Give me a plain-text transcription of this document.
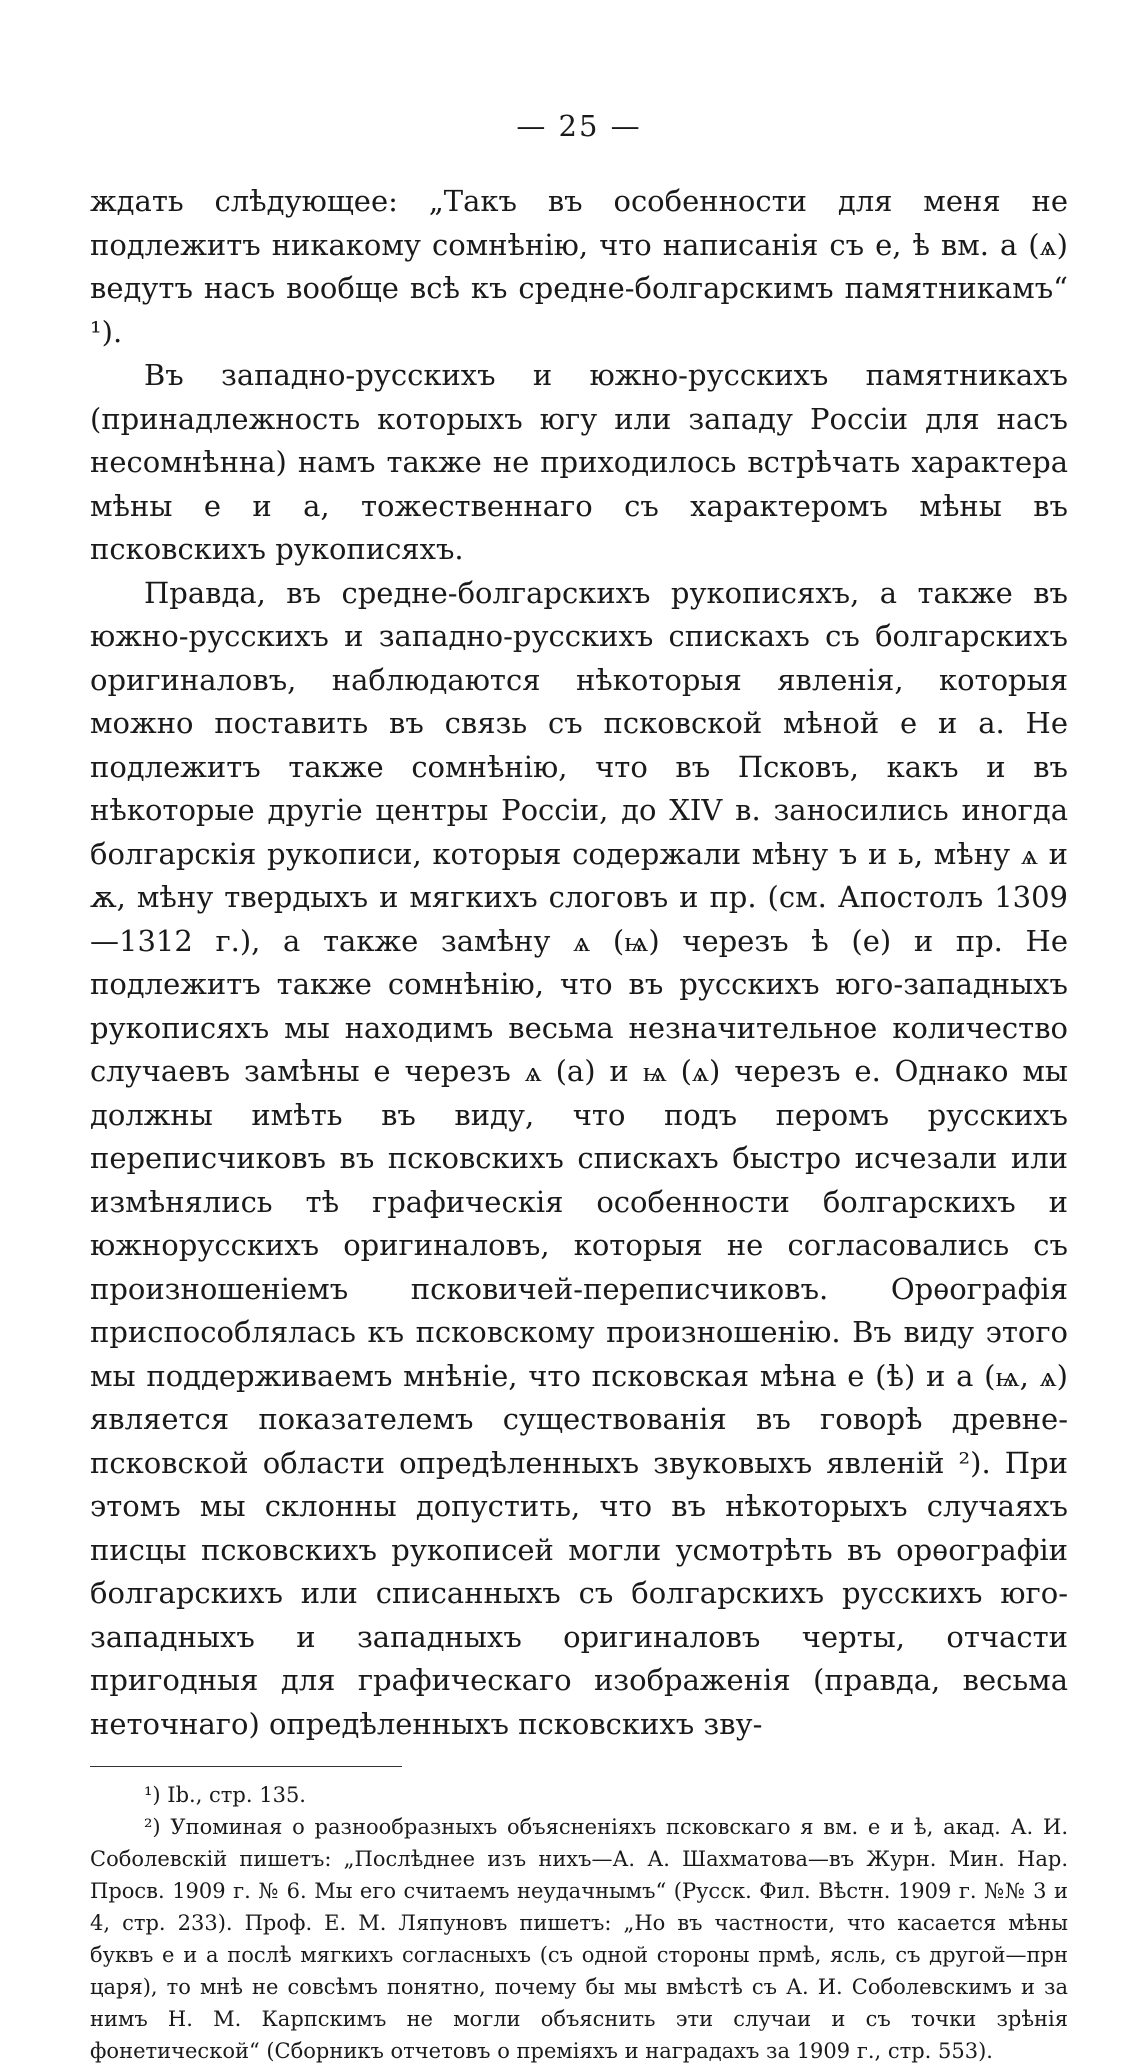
— 25 —

ждать слѣдующее: „Такъ въ особенности для меня не подлежитъ никакому сомнѣнію, что написанія съ е, ѣ вм. а (ѧ) ведутъ насъ вообще всѣ къ средне-болгарскимъ памятникамъ“ ¹).

Въ западно-русскихъ и южно-русскихъ памятникахъ (принадлежность которыхъ югу или западу Россіи для насъ несомнѣнна) намъ также не приходилось встрѣчать характера мѣны е и а, тожественнаго съ характеромъ мѣны въ псковскихъ рукописяхъ.

Правда, въ средне-болгарскихъ рукописяхъ, а также въ южно-русскихъ и западно-русскихъ спискахъ съ болгарскихъ оригиналовъ, наблюдаются нѣкоторыя явленія, которыя можно поставить въ связь съ псковской мѣной е и а. Не подлежитъ также сомнѣнію, что въ Псковъ, какъ и въ нѣкоторые другіе центры Россіи, до XIV в. заносились иногда болгарскія рукописи, которыя содержали мѣну ъ и ь, мѣну ѧ и ѫ, мѣну твердыхъ и мягкихъ слоговъ и пр. (см. Апостолъ 1309—1312 г.), а также замѣну ѧ (ѩ) черезъ ѣ (е) и пр. Не подлежитъ также сомнѣнію, что въ русскихъ юго-западныхъ рукописяхъ мы находимъ весьма незначительное количество случаевъ замѣны е черезъ ѧ (а) и ѩ (ѧ) черезъ е. Однако мы должны имѣть въ виду, что подъ перомъ русскихъ переписчиковъ въ псковскихъ спискахъ быстро исчезали или измѣнялись тѣ графическія особенности болгарскихъ и южнорусскихъ оригиналовъ, которыя не согласовались съ произношеніемъ псковичей-переписчиковъ. Орѳографія приспособлялась къ псковскому произношенію. Въ виду этого мы поддерживаемъ мнѣніе, что псковская мѣна е (ѣ) и а (ѩ, ѧ) является показателемъ существованія въ говорѣ древне-псковской области опредѣленныхъ звуковыхъ явленій ²). При этомъ мы склонны допустить, что въ нѣкоторыхъ случаяхъ писцы псковскихъ рукописей могли усмотрѣть въ орѳографіи болгарскихъ или списанныхъ съ болгарскихъ русскихъ юго-западныхъ и западныхъ оригиналовъ черты, отчасти пригодныя для графическаго изображенія (правда, весьма неточнаго) опредѣленныхъ псковскихъ зву-

¹) Ib., стр. 135.

²) Упоминая о разнообразныхъ объясненіяхъ псковскаго я вм. е и ѣ, акад. А. И. Соболевскій пишетъ: „Послѣднее изъ нихъ—А. А. Шахматова—въ Журн. Мин. Нар. Просв. 1909 г. № 6. Мы его считаемъ неудачнымъ“ (Русск. Фил. Вѣстн. 1909 г. №№ 3 и 4, стр. 233). Проф. Е. М. Ляпуновъ пишетъ: „Но въ частности, что касается мѣны буквъ е и а послѣ мягкихъ согласныхъ (съ одной стороны прмѣ, ясль, съ другой—прн царя), то мнѣ не совсѣмъ понятно, почему бы мы вмѣстѣ съ А. И. Соболевскимъ и за нимъ Н. М. Карпскимъ не могли объяснить эти случаи и съ точки зрѣнія фонетической“ (Сборникъ отчетовъ о преміяхъ и наградахъ за 1909 г., стр. 553).
